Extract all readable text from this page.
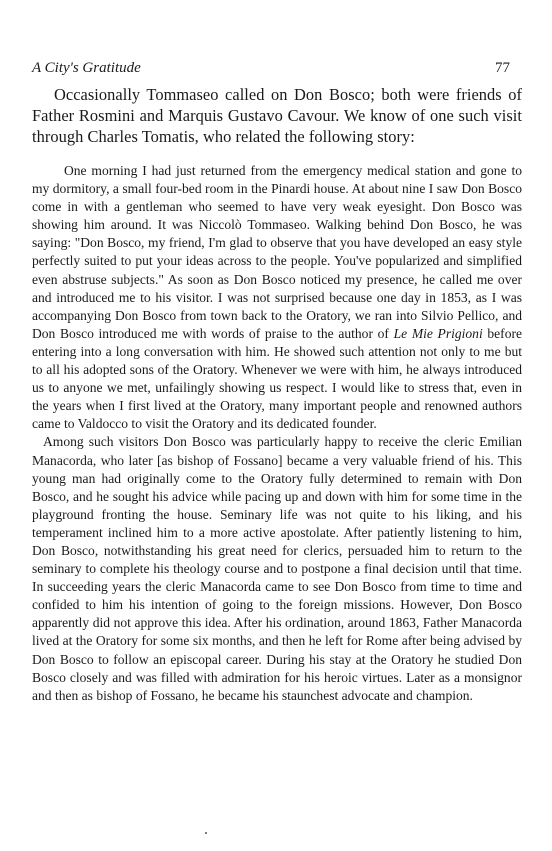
A City's Gratitude	77

Occasionally Tommaseo called on Don Bosco; both were friends of Father Rosmini and Marquis Gustavo Cavour. We know of one such visit through Charles Tomatis, who related the following story:

One morning I had just returned from the emergency medical station and gone to my dormitory, a small four-bed room in the Pinardi house. At about nine I saw Don Bosco come in with a gentleman who seemed to have very weak eyesight. Don Bosco was showing him around. It was Niccolò Tommaseo. Walking behind Don Bosco, he was saying: "Don Bosco, my friend, I'm glad to observe that you have developed an easy style perfectly suited to put your ideas across to the people. You've popularized and simplified even abstruse subjects." As soon as Don Bosco noticed my presence, he called me over and introduced me to his visitor. I was not surprised because one day in 1853, as I was accompanying Don Bosco from town back to the Oratory, we ran into Silvio Pellico, and Don Bosco introduced me with words of praise to the author of Le Mie Prigioni before entering into a long conversation with him. He showed such attention not only to me but to all his adopted sons of the Oratory. Whenever we were with him, he always introduced us to anyone we met, unfailingly showing us respect. I would like to stress that, even in the years when I first lived at the Oratory, many important people and renowned authors came to Valdocco to visit the Oratory and its dedicated founder.

Among such visitors Don Bosco was particularly happy to receive the cleric Emilian Manacorda, who later [as bishop of Fossano] became a very valuable friend of his. This young man had originally come to the Oratory fully determined to remain with Don Bosco, and he sought his advice while pacing up and down with him for some time in the playground fronting the house. Seminary life was not quite to his liking, and his temperament inclined him to a more active apostolate. After patiently listening to him, Don Bosco, notwithstanding his great need for clerics, persuaded him to return to the seminary to complete his theology course and to postpone a final decision until that time. In succeeding years the cleric Manacorda came to see Don Bosco from time to time and confided to him his intention of going to the foreign missions. However, Don Bosco apparently did not approve this idea. After his ordination, around 1863, Father Manacorda lived at the Oratory for some six months, and then he left for Rome after being advised by Don Bosco to follow an episcopal career. During his stay at the Oratory he studied Don Bosco closely and was filled with admiration for his heroic virtues. Later as a monsignor and then as bishop of Fossano, he became his staunchest advocate and champion.
